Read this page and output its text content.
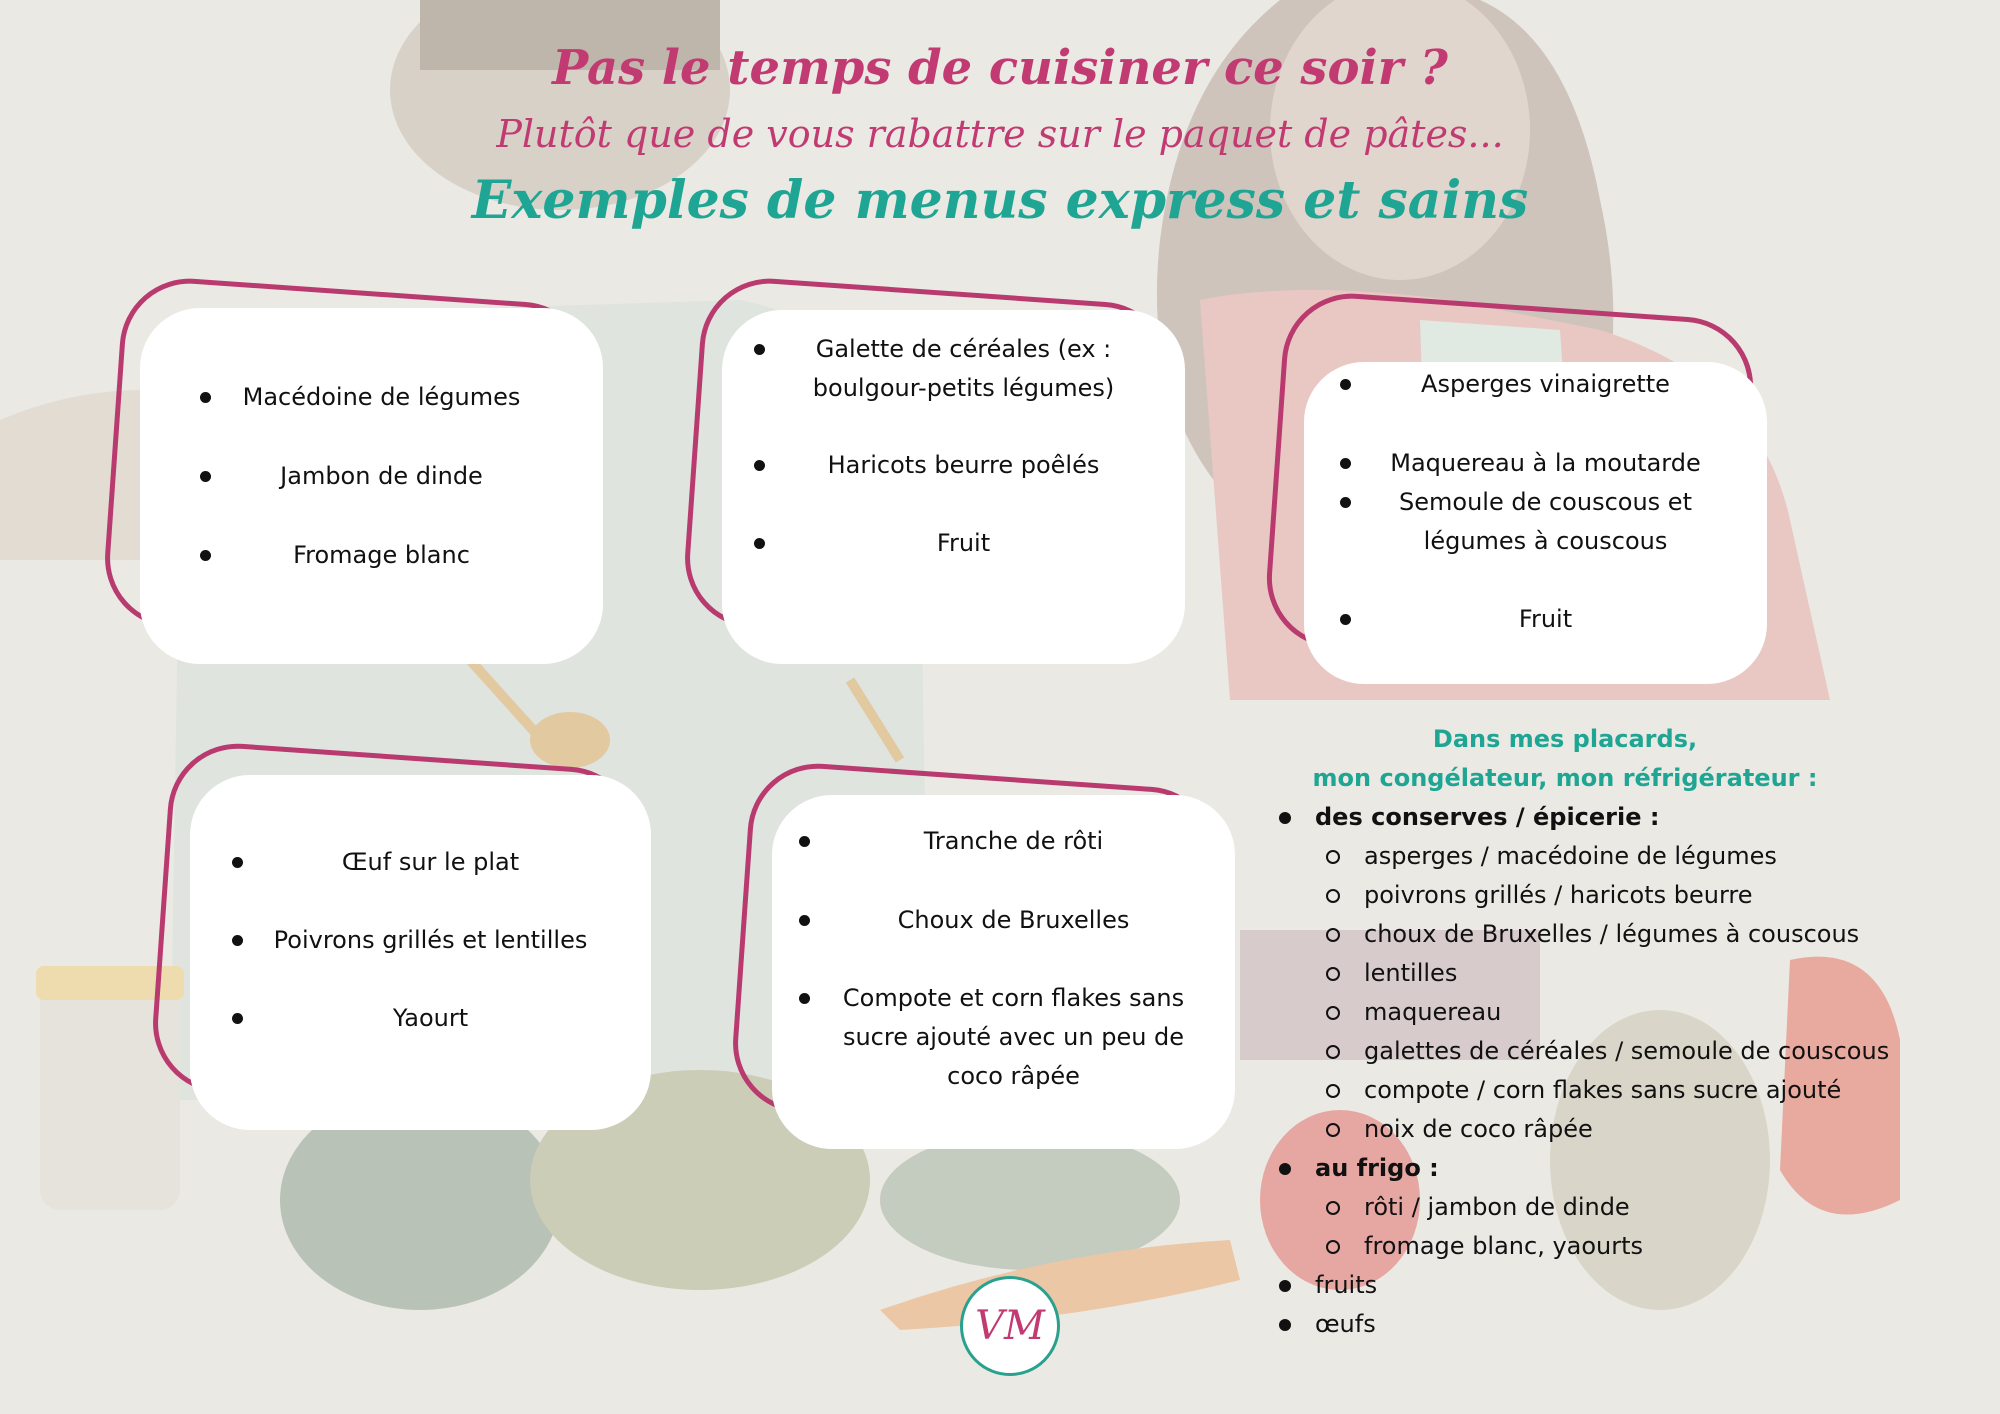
Pas le temps de cuisiner ce soir ?
Plutôt que de vous rabattre sur le paquet de pâtes...
Exemples de menus express et sains
Macédoine de légumes
Jambon de dinde
Fromage blanc
Galette de céréales (ex : boulgour-petits légumes)
Haricots beurre poêlés
Fruit
Asperges vinaigrette
Maquereau à la moutarde
Semoule de couscous et légumes à couscous
Fruit
Œuf sur le plat
Poivrons grillés et lentilles
Yaourt
Tranche de rôti
Choux de Bruxelles
Compote et corn flakes sans sucre ajouté avec un peu de coco râpée
Dans mes placards,
mon congélateur, mon réfrigérateur :
des conserves / épicerie :
asperges / macédoine de légumes
poivrons grillés / haricots beurre
choux de Bruxelles / légumes à couscous
lentilles
maquereau
galettes de céréales / semoule de couscous
compote / corn flakes sans sucre ajouté
noix de coco râpée
au frigo :
rôti / jambon de dinde
fromage blanc, yaourts
fruits
œufs
VM
